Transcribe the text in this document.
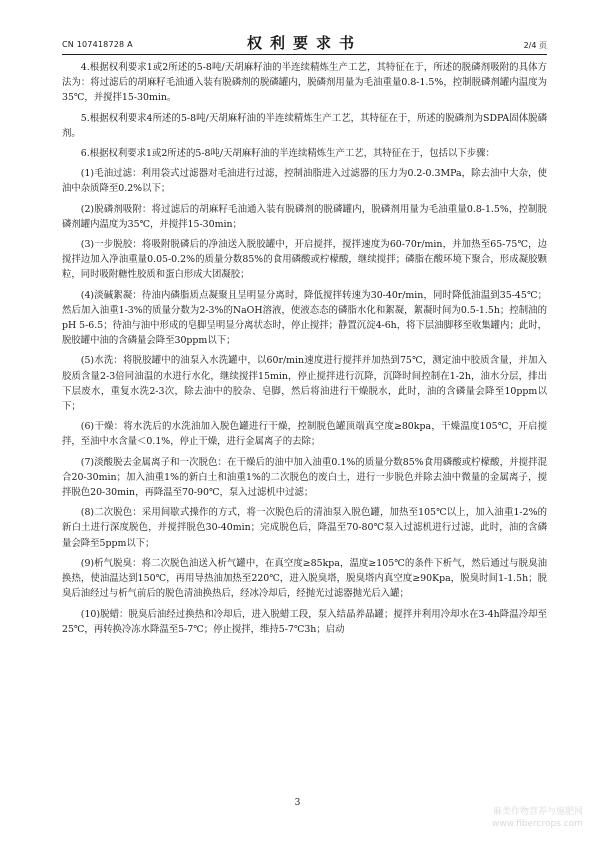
CN 107418728 A	权利要求书	2/4 页

4.根据权利要求1或2所述的5-8吨/天胡麻籽油的半连续精炼生产工艺，其特征在于，所述的脱磷剂吸附的具体方法为：将过滤后的胡麻籽毛油通入装有脱磷剂的脱磷罐内，脱磷剂用量为毛油重量0.8-1.5%，控制脱磷剂罐内温度为35℃，并搅拌15-30min。

5.根据权利要求4所述的5-8吨/天胡麻籽油的半连续精炼生产工艺，其特征在于，所述的脱磷剂为SDPA固体脱磷剂。

6.根据权利要求1或2所述的5-8吨/天胡麻籽油的半连续精炼生产工艺，其特征在于，包括以下步骤：

(1)毛油过滤：利用袋式过滤器对毛油进行过滤，控制油脂进入过滤器的压力为0.2-0.3MPa，除去油中大杂，使油中杂质降至0.2%以下；

(2)脱磷剂吸附：将过滤后的胡麻籽毛油通入装有脱磷剂的脱磷罐内，脱磷剂用量为毛油重量0.8-1.5%，控制脱磷剂罐内温度为35℃，并搅拌15-30min；

(3)一步脱胶：将吸附脱磷后的净油送入脱胶罐中，开启搅拌，搅拌速度为60-70r/min，并加热至65-75℃，边搅拌边加入净油重量0.05-0.2%的质量分数85%的食用磷酸或柠檬酸，继续搅拌；磷脂在酸环境下聚合，形成凝胶颗粒，同时吸附糖性胶质和蛋白形成大团凝胶；

(4)淡碱絮凝：待油内磷脂质点凝聚且呈明显分离时，降低搅拌转速为30-40r/min，同时降低油温到35-45℃；然后加入油重1-3%的质量分数为2-3%的NaOH溶液，使液态态的磷脂水化和絮凝，絮凝时间为0.5-1.5h；控制油的pH 5-6.5；待油与油中形成的皂脚呈明显分离状态时，停止搅拌；静置沉淀4-6h，将下层油脚移至收集罐内；此时，脱胶罐中油的含磷量会降至30ppm以下；

(5)水洗：将脱胶罐中的油泵入水洗罐中，以60r/min速度进行搅拌并加热到75℃，测定油中胶质含量，并加入胶质含量2-3倍同油温的水进行水化，继续搅拌15min，停止搅拌进行沉降，沉降时间控制在1-2h，油水分层，排出下层废水，重复水洗2-3次，除去油中的胶杂、皂脚，然后将油进行干燥脱水，此时，油的含磷量会降至10ppm以下；

(6)干燥：将水洗后的水洗油加入脱色罐进行干燥，控制脱色罐顶端真空度≥80kpa，干燥温度105℃，开启搅拌，至油中水含量＜0.1%，停止干燥，进行金属离子的去除；

(7)淡酸脱去金属离子和一次脱色：在干燥后的油中加入油重0.1%的质量分数85%食用磷酸或柠檬酸，并搅拌混合20-30min；加入油重1%的新白土和油重1%的二次脱色的废白土，进行一步脱色并除去油中微量的金属离子，搅拌脱色20-30min，再降温至70-90℃，泵入过滤机中过滤；

(8)二次脱色：采用间歇式操作的方式，将一次脱色后的清油泵入脱色罐，加热至105℃以上，加入油重1-2%的新白土进行深度脱色，并搅拌脱色30-40min；完成脱色后，降温至70-80℃泵入过滤机进行过滤，此时，油的含磷量会降至5ppm以下；

(9)析气脱臭：将二次脱色油送入析气罐中，在真空度≥85kpa，温度≥105℃的条件下析气，然后通过与脱臭油换热，使油温达到150℃，再用导热油加热至220℃，进入脱臭塔，脱臭塔内真空度≥90Kpa，脱臭时间1-1.5h；脱臭后油经过与析气前后的脱色清油换热后，经冰冷却后，经抛光过滤器抛光后入罐；

(10)脱蜡：脱臭后油经过换热和冷却后，进入脱蜡工段，泵入结晶养晶罐；搅拌并利用冷却水在3-4h降温冷却至25℃，再转换冷冻水降温至5-7℃；停止搅拌，维持5-7℃3h；启动

3
麻类作物营养与施肥网
www.fibercrops.com
